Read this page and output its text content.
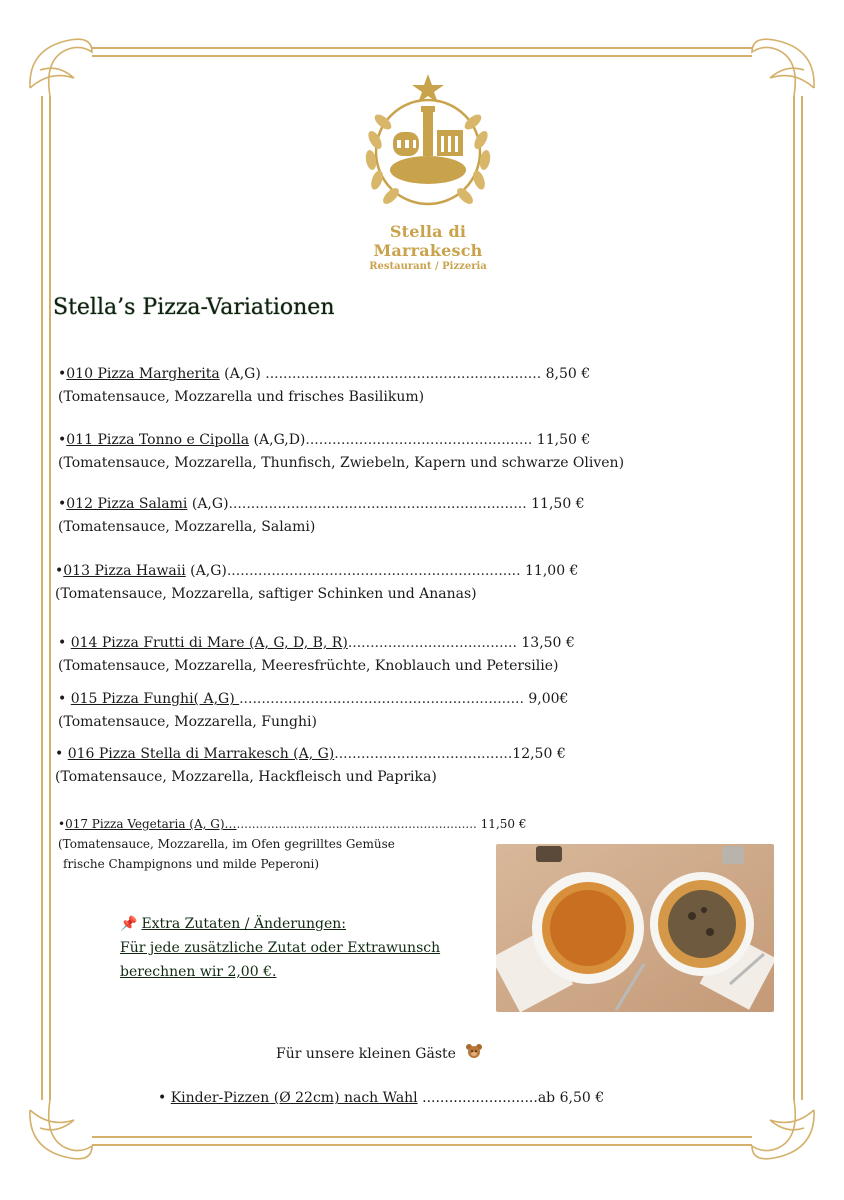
Stella di Marrakesch
Restaurant / Pizzeria
Stella’s Pizza-Variationen
•010 Pizza Margherita (A,G) .............................................................. 8,50 €
(Tomatensauce, Mozzarella und frisches Basilikum)
•011 Pizza Tonno e Cipolla (A,G,D)................................................... 11,50 €
(Tomatensauce, Mozzarella, Thunfisch, Zwiebeln, Kapern und schwarze Oliven)
•012 Pizza Salami (A,G)................................................................... 11,50 €
(Tomatensauce, Mozzarella, Salami)
•013 Pizza Hawaii (A,G).................................................................. 11,00 €
(Tomatensauce, Mozzarella, saftiger Schinken und Ananas)
• 014 Pizza Frutti di Mare (A, G, D, B, R)...................................... 13,50 €
(Tomatensauce, Mozzarella, Meeresfrüchte, Knoblauch und Petersilie)
• 015 Pizza Funghi( A,G) ................................................................ 9,00€
(Tomatensauce, Mozzarella, Funghi)
• 016 Pizza Stella di Marrakesch (A, G)........................................12,50 €
(Tomatensauce, Mozzarella, Hackfleisch und Paprika)
•017 Pizza Vegetaria (A, G)…............................................................... 11,50 €
(Tomatensauce, Mozzarella, im Ofen gegrilltes Gemüse
frische Champignons und milde Peperoni)
📌 Extra Zutaten / Änderungen:
Für jede zusätzliche Zutat oder Extrawunsch
berechnen wir 2,00 €.
Für unsere kleinen Gäste
• Kinder-Pizzen (Ø 22cm) nach Wahl ..........................ab 6,50 €
